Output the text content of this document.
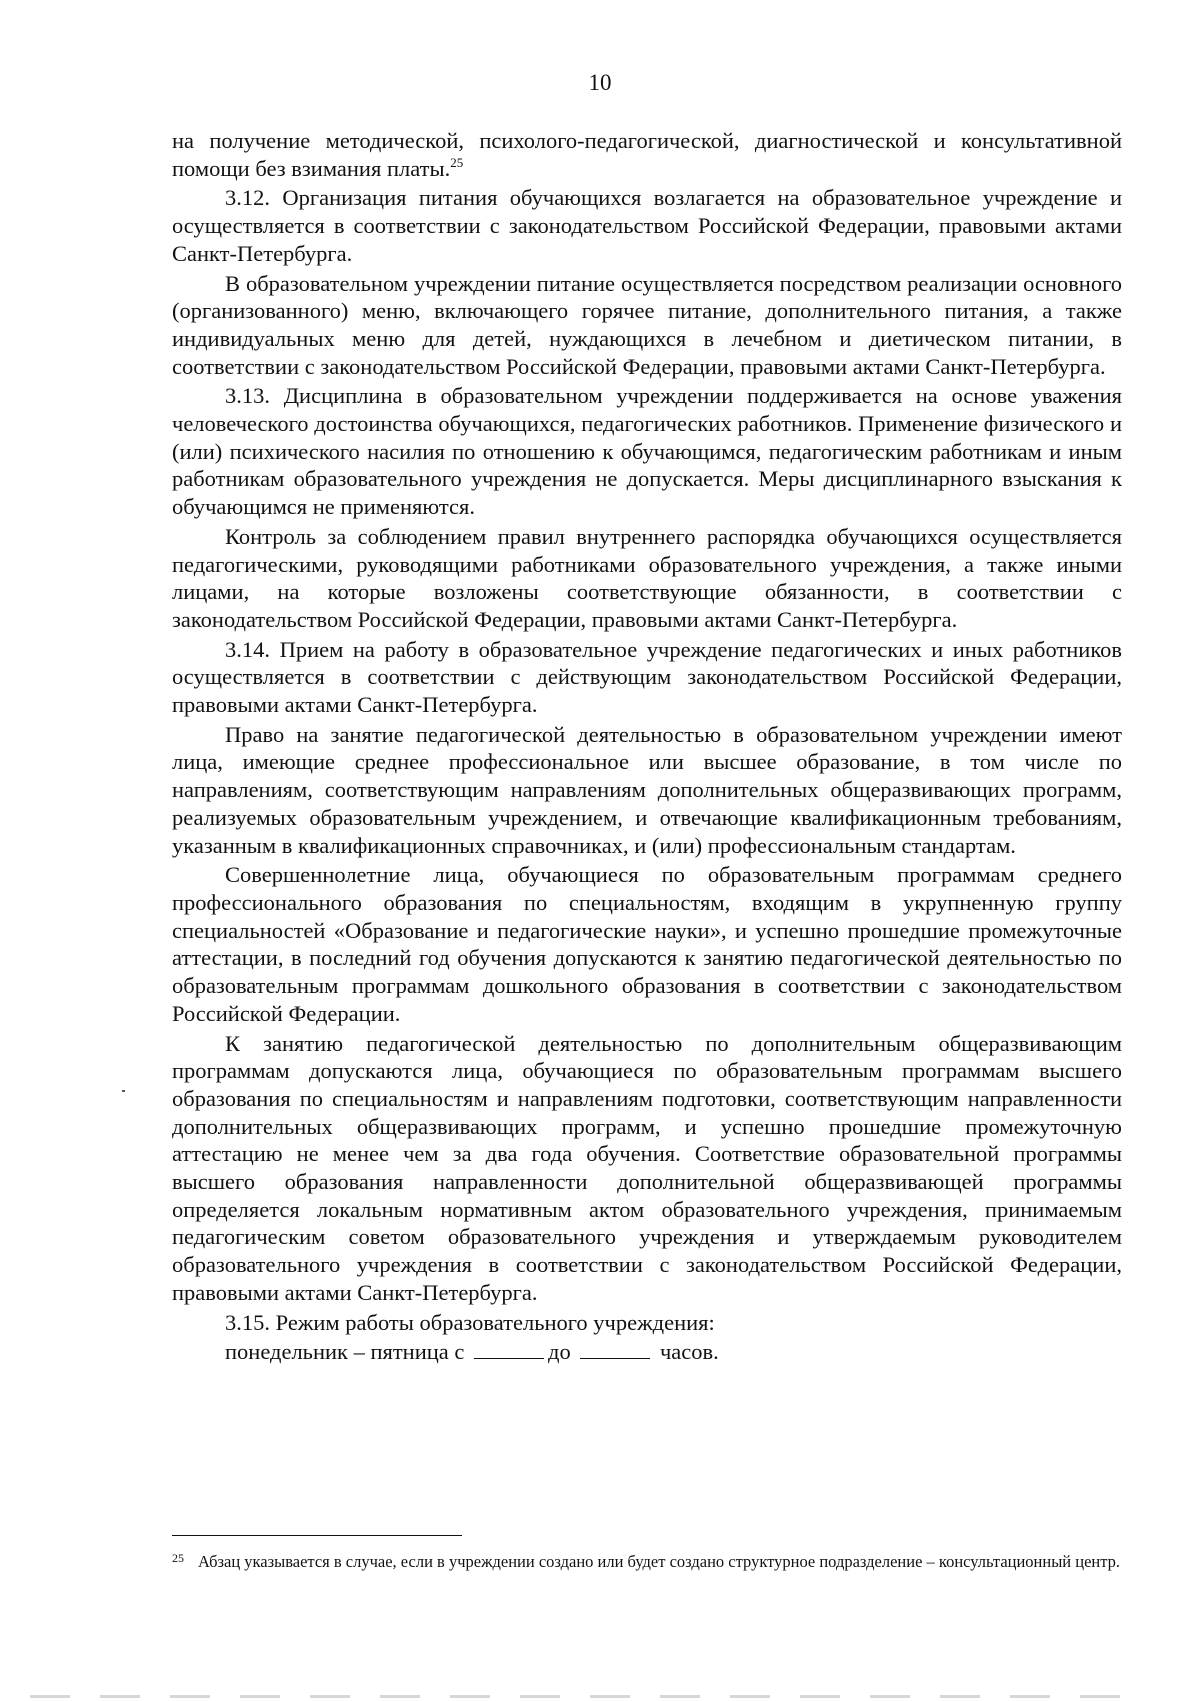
10

на получение методической, психолого-педагогической, диагностической и консультативной помощи без взимания платы.$^{25}$

3.12. Организация питания обучающихся возлагается на образовательное учреждение и осуществляется в соответствии с законодательством Российской Федерации, правовыми актами Санкт-Петербурга.

В образовательном учреждении питание осуществляется посредством реализации основного (организованного) меню, включающего горячее питание, дополнительного питания, а также индивидуальных меню для детей, нуждающихся в лечебном и диетическом питании, в соответствии с законодательством Российской Федерации, правовыми актами Санкт-Петербурга.

3.13. Дисциплина в образовательном учреждении поддерживается на основе уважения человеческого достоинства обучающихся, педагогических работников. Применение физического и (или) психического насилия по отношению к обучающимся, педагогическим работникам и иным работникам образовательного учреждения не допускается. Меры дисциплинарного взыскания к обучающимся не применяются.

Контроль за соблюдением правил внутреннего распорядка обучающихся осуществляется педагогическими, руководящими работниками образовательного учреждения, а также иными лицами, на которые возложены соответствующие обязанности, в соответствии с законодательством Российской Федерации, правовыми актами Санкт-Петербурга.

3.14. Прием на работу в образовательное учреждение педагогических и иных работников осуществляется в соответствии с действующим законодательством Российской Федерации, правовыми актами Санкт-Петербурга.

Право на занятие педагогической деятельностью в образовательном учреждении имеют лица, имеющие среднее профессиональное или высшее образование, в том числе по направлениям, соответствующим направлениям дополнительных общеразвивающих программ, реализуемых образовательным учреждением, и отвечающие квалификационным требованиям, указанным в квалификационных справочниках, и (или) профессиональным стандартам.

Совершеннолетние лица, обучающиеся по образовательным программам среднего профессионального образования по специальностям, входящим в укрупненную группу специальностей «Образование и педагогические науки», и успешно прошедшие промежуточные аттестации, в последний год обучения допускаются к занятию педагогической деятельностью по образовательным программам дошкольного образования в соответствии с законодательством Российской Федерации.

К занятию педагогической деятельностью по дополнительным общеразвивающим программам допускаются лица, обучающиеся по образовательным программам высшего образования по специальностям и направлениям подготовки, соответствующим направленности дополнительных общеразвивающих программ, и успешно прошедшие промежуточную аттестацию не менее чем за два года обучения. Соответствие образовательной программы высшего образования направленности дополнительной общеразвивающей программы определяется локальным нормативным актом образовательного учреждения, принимаемым педагогическим советом образовательного учреждения и утверждаемым руководителем образовательного учреждения в соответствии с законодательством Российской Федерации, правовыми актами Санкт-Петербурга.

3.15. Режим работы образовательного учреждения:

понедельник – пятница с	до	часов.

25 Абзац указывается в случае, если в учреждении создано или будет создано структурное подразделение – консультационный центр.
